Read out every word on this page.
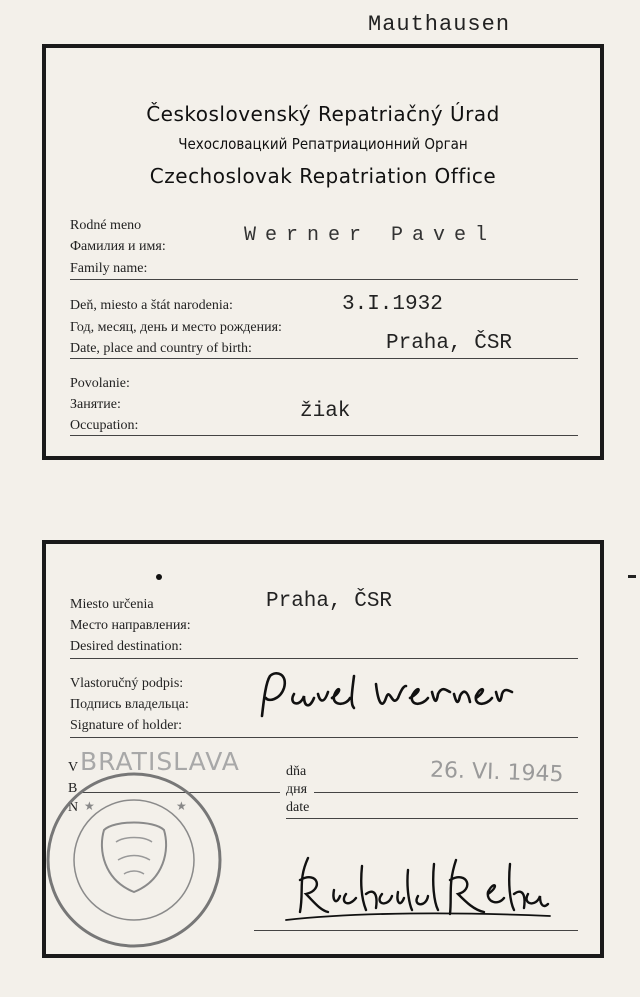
Mauthausen
Československý Repatriačný Úrad
Чехословацкий Репатриационний Орган
Czechoslovak Repatriation Office
Rodné meno
Фамилия и имя:
Family name:
Werner Pavel
Deň, miesto a štát narodenia:
Год, месяц, день и место рождения:
Date, place and country of birth:
3.I.1932
Praha, ČSR
Povolanie:
Занятие:
Occupation:
žiak
Miesto určenia
Место направления:
Desired destination:
Praha, ČSR
Vlastoručný podpis:
Подпись владельца:
Signature of holder:
V
B
N
BRATISLAVA	dňa
дня
date
26. VI. 1945
★	★
